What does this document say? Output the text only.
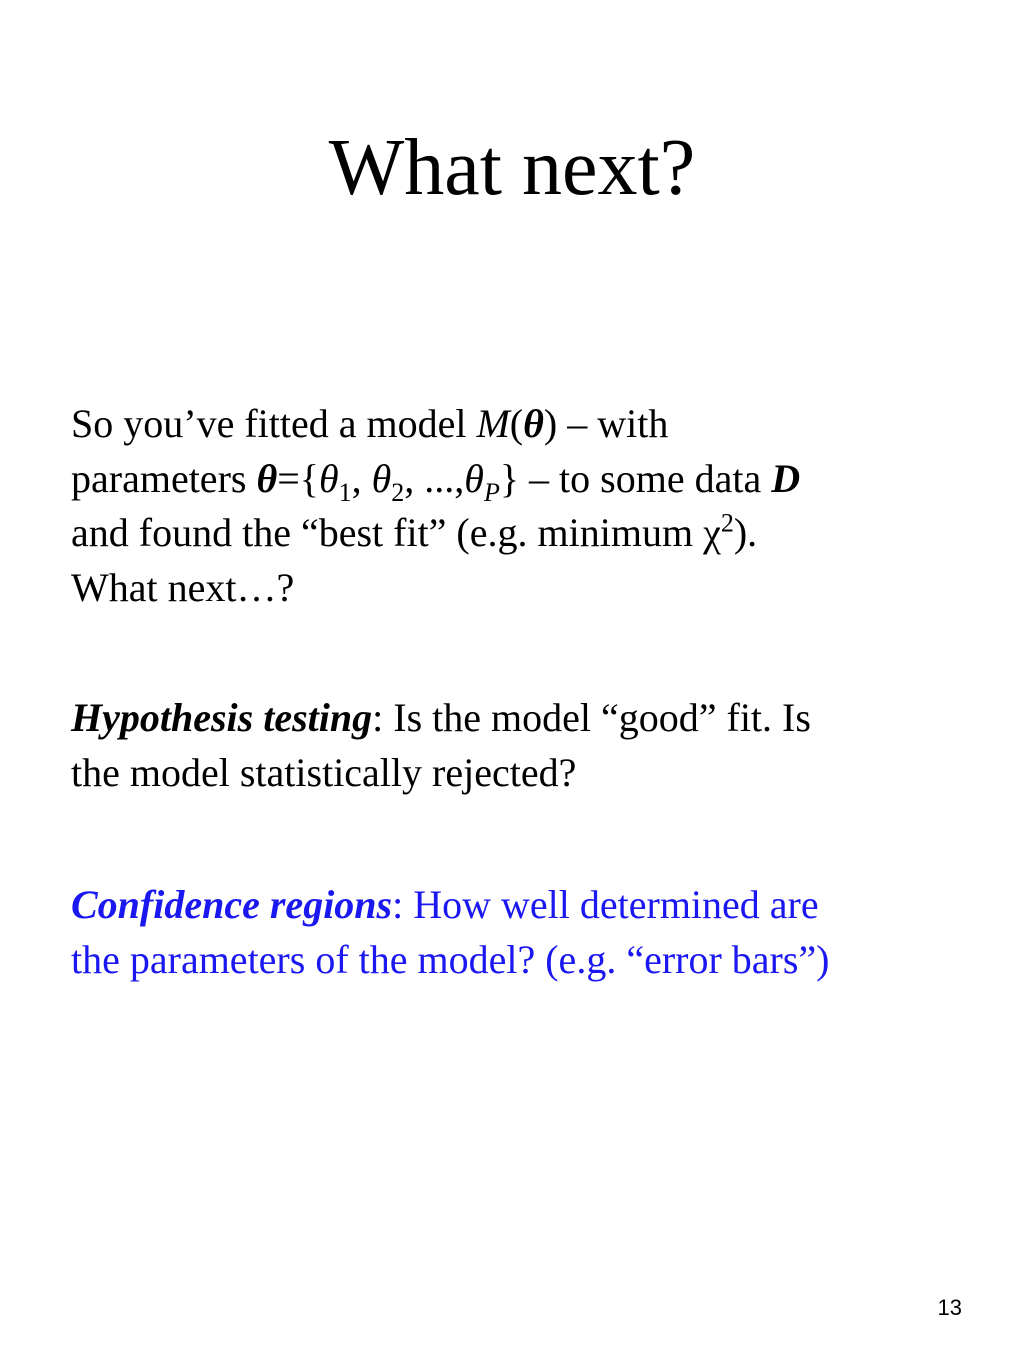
What next?
So you’ve fitted a model M(θ) – with
parameters $\theta=\{\theta_1$, $\theta_2$, $...,\theta_P$} – to some data D
and found the “best fit” (e.g. minimum $\chi^2$).
What next…?
Hypothesis testing: Is the model “good” fit. Is
the model statistically rejected?
Confidence regions: How well determined are
the parameters of the model? (e.g. “error bars”)
13
